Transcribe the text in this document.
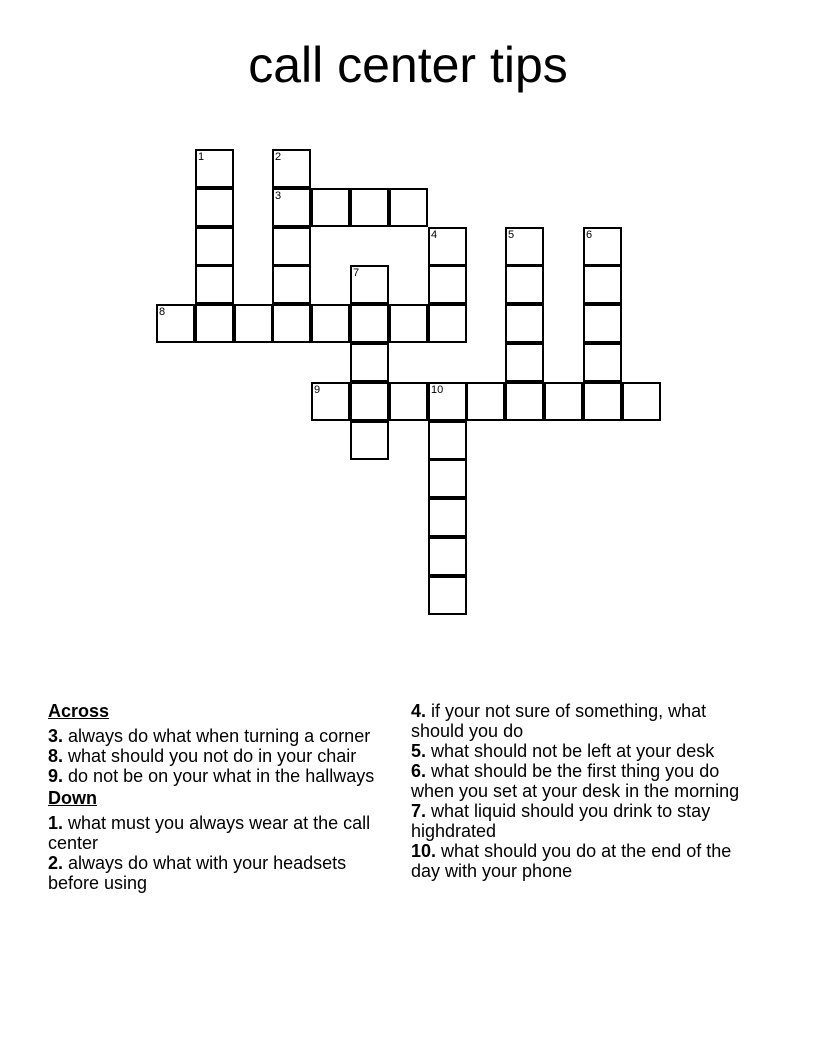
call center tips
1	2
3
4	5	6
7
8
9	10
Across
3. always do what when turning a corner
8. what should you not do in your chair
9. do not be on your what in the hallways
Down
1. what must you always wear at the call center
2. always do what with your headsets before using
4. if your not sure of something, what should you do
5. what should not be left at your desk
6. what should be the first thing you do when you set at your desk in the morning
7. what liquid should you drink to stay highdrated
10. what should you do at the end of the day with your phone
